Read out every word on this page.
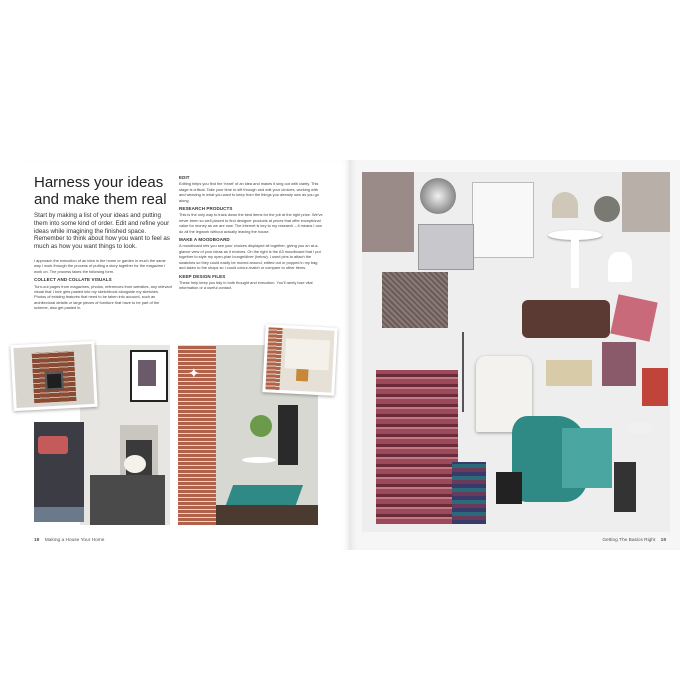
Harness your ideas and make them real
Start by making a list of your ideas and putting them into some kind of order. Edit and refine your ideas while imagining the finished space. Remember to think about how you want to feel as much as how you want things to look.

I approach the execution of an idea in the home or garden in much the same way I work through the process of putting a story together for the magazine I work on. The process takes the following form.

COLLECT AND COLLATE VISUALS

Turn-out pages from magazines, photos, references from websites, any relevant visual that I love gets pasted into my sketchbook alongside my sketches. Photos of existing features that need to be taken into account, such as architectural details or large pieces of furniture that have to be part of the scheme, also get pasted in.

EDIT

Editing helps you find the 'heart' of an idea and makes it sing out with clarity. This stage is critical. Take your time to sift through and edit your choices, working with and weaving in what you want to keep from the things you already own as you go along.

RESEARCH PRODUCTS

This is the only way to track down the best items for the job at the right price. We've never been so well placed to find designer products at prices that offer exceptional value for money as we are now. The internet is key to my research – it means I can do all the legwork without actually leaving the house.

MAKE A MOODBOARD

A moodboard lets you see your choices displayed all together, giving you an at-a-glance view of your ideas as it evolves. On the right is the A3 moodboard that I put together to style my open-plan lounge/diner (below). I used pins to attach the swatches so they could easily be moved around, edited out or popped in my bag and taken to the shops so I could colour-match or compare to other items.

KEEP DESIGN FILES

These help keep you tidy in both thought and execution. You'll rarely lose vital information or a useful contact.

✦
18 Making a House Your Home	Getting The Basics Right 19
